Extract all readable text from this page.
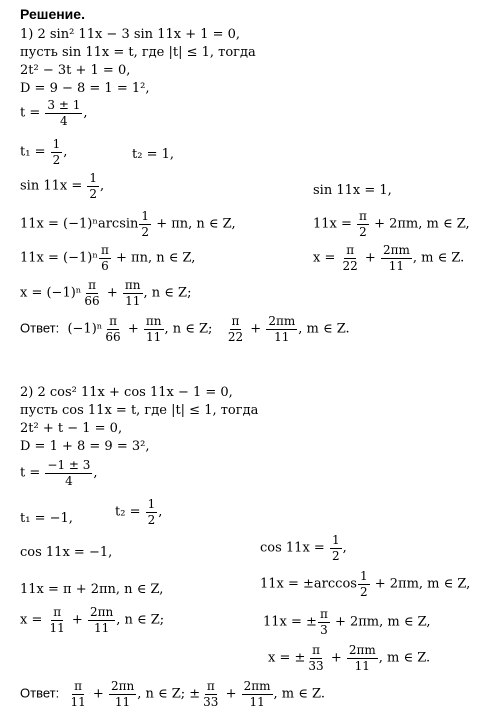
Решение.
1) 2 sin² 11x − 3 sin 11x + 1 = 0,
пусть sin 11x = t, где |t| ≤ 1, тогда
2t² − 3t + 1 = 0,
D = 9 − 8 = 1 = 1²,
$t = \frac{3 \pm 1}{4}$ ,
$t_1 = \frac{1}{2}$ ,	t₂ = 1,
$\sin 11x = \frac{1}{2}$ ,	sin 11x = 1,
$11x = (-1)^n\arcsin \frac{1}{2} + \pi n$, n ∈ Z,	$11x = \frac{\pi}{2} + 2\pi m$, m ∈ Z,
$11x = (-1)^n \frac{\pi}{6} + \pi n$, n ∈ Z,	$x = \frac{\pi}{22} + \frac{2\pi m}{11}$ , m ∈ Z.
$x = (-1)^n \frac{\pi}{66} + \frac{\pi n}{11}$ , n ∈ Z;
Ответ: $(-1)^n \frac{\pi}{66} + \frac{\pi n}{11}$ , n ∈ Z; $\frac{\pi}{22} + \frac{2\pi m}{11}$ , m ∈ Z.
2) 2 cos² 11x + cos 11x − 1 = 0,
пусть cos 11x = t, где |t| ≤ 1, тогда
2t² + t − 1 = 0,
D = 1 + 8 = 9 = 3²,
$t = \frac{-1 \pm 3}{4}$ ,
t₁ = −1,	$t_2 = \frac{1}{2}$ ,
cos 11x = −1,	$\cos 11x = \frac{1}{2}$ ,
11x = π + 2πn, n ∈ Z,	$11x = \pm\arccos \frac{1}{2} + 2\pi m$, m ∈ Z,
$x = \frac{\pi}{11} + \frac{2\pi n}{11}$ , n ∈ Z;	11x = ± $\frac{\pi}{3} + 2\pi m$, m ∈ Z,
x = ± $\frac{\pi}{33} + \frac{2\pi m}{11}$ , m ∈ Z.
Ответ: $\frac{\pi}{11} + \frac{2\pi n}{11}$ , n ∈ Z; ± $\frac{\pi}{33} + \frac{2\pi m}{11}$ , m ∈ Z.
